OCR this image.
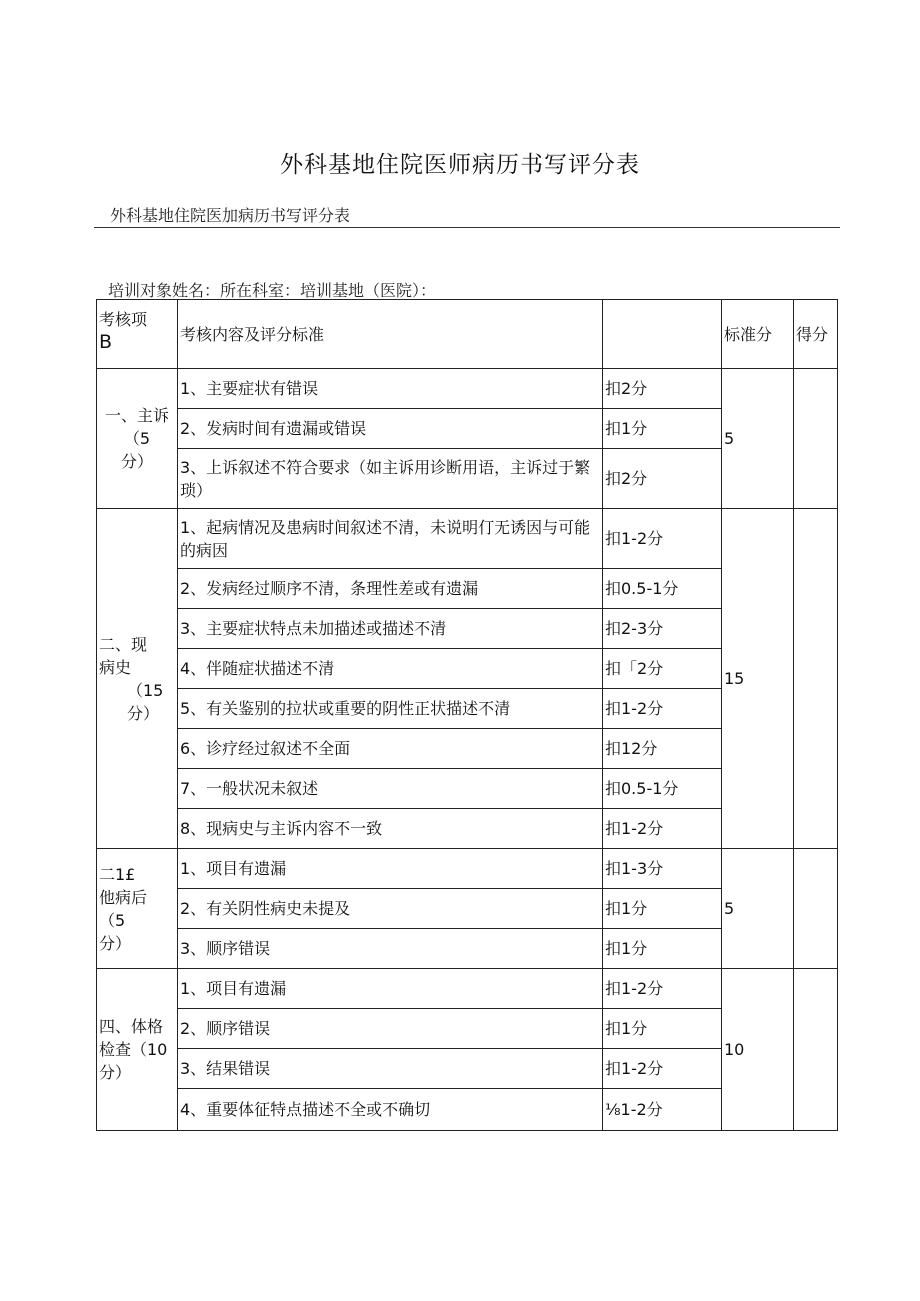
外科基地住院医师病历书写评分表
外科基地住院医加病历书写评分表
培训对象姓名：所在科室：培训基地（医院）：
考核项
B	考核内容及评分标准		标准分	得分

一、主诉
（5
分）	1、主要症状有错误	扣2分	5	
	2、发病时间有遗漏或错误	扣1分		
	3、上诉叙述不符合要求（如主诉用诊断用语，主诉过于繁琐）	扣2分		

二、现
病史
（15分）	1、起病情况及患病时间叙述不清，未说明仃无诱因与可能的病因	扣1-2分	15	
	2、发病经过顺序不清，条理性差或有遗漏	扣0.5-1分		
	3、主要症状特点未加描述或描述不清	扣2-3分		
	4、伴随症状描述不清	扣「2分		
	5、有关鉴别的拉状或重要的阴性正状描述不清	扣1-2分		
	6、诊疗经过叙述不全面	扣12分		
	7、一般状况未叙述	扣0.5-1分		
	8、现病史与主诉内容不一致	扣1-2分		

二1£
他病后
（5
分）	1、项目有遗漏	扣1-3分	5	
	2、有关阴性病史未提及	扣1分		
	3、顺序错误	扣1分		

四、体格
检查（10
分）	1、项目有遗漏	扣1-2分	10	
	2、顺序错误	扣1分		
	3、结果错误	扣1-2分		
	4、重要体征特点描述不全或不确切	⅛1-2分		
